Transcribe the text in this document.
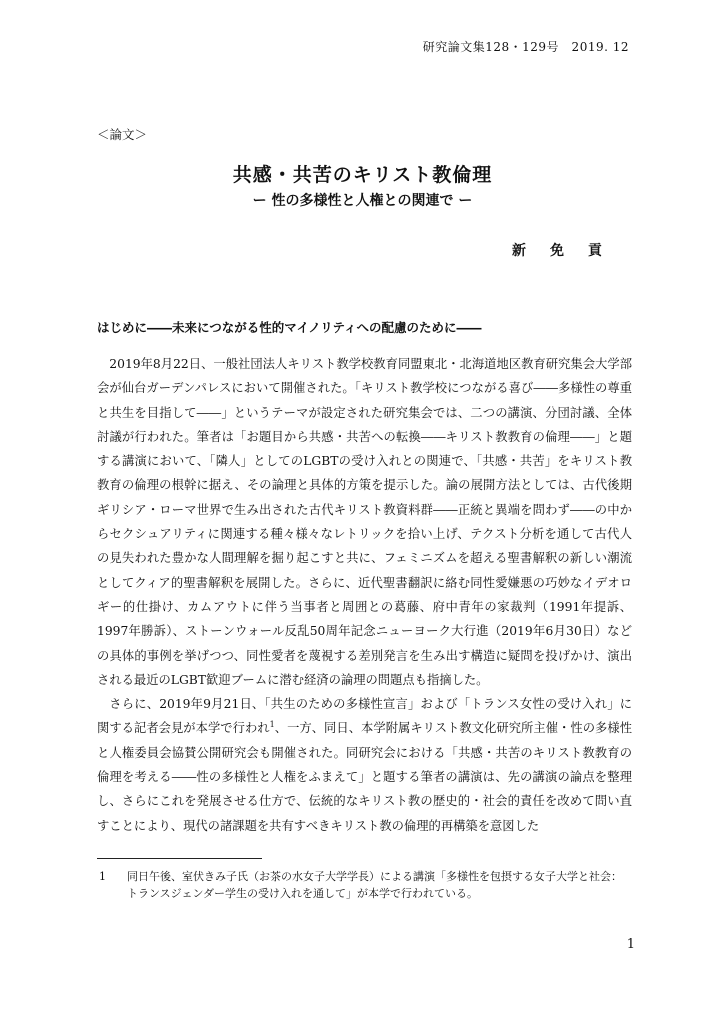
研究論文集128・129号　2019. 12
＜論文＞
共感・共苦のキリスト教倫理
ー 性の多様性と人権との関連で ー
新免貢
はじめに――未来につながる性的マイノリティへの配慮のために――

2019年8月22日、一般社団法人キリスト教学校教育同盟東北・北海道地区教育研究集会大学部会が仙台ガーデンパレスにおいて開催された。「キリスト教学校につながる喜び――多様性の尊重と共生を目指して――」というテーマが設定された研究集会では、二つの講演、分団討議、全体討議が行われた。筆者は「お題目から共感・共苦への転換――キリスト教教育の倫理――」と題する講演において、「隣人」としてのLGBTの受け入れとの関連で、「共感・共苦」をキリスト教教育の倫理の根幹に据え、その論理と具体的方策を提示した。論の展開方法としては、古代後期ギリシア・ローマ世界で生み出された古代キリスト教資料群――正統と異端を問わず――の中からセクシュアリティに関連する種々様々なレトリックを拾い上げ、テクスト分析を通して古代人の見失われた豊かな人間理解を掘り起こすと共に、フェミニズムを超える聖書解釈の新しい潮流としてクィア的聖書解釈を展開した。さらに、近代聖書翻訳に絡む同性愛嫌悪の巧妙なイデオロギー的仕掛け、カムアウトに伴う当事者と周囲との葛藤、府中青年の家裁判（1991年提訴、1997年勝訴）、ストーンウォール反乱50周年記念ニューヨーク大行進（2019年6月30日）などの具体的事例を挙げつつ、同性愛者を蔑視する差別発言を生み出す構造に疑問を投げかけ、演出される最近のLGBT歓迎ブームに潜む経済の論理の問題点も指摘した。

さらに、2019年9月21日、「共生のための多様性宣言」および「トランス女性の受け入れ」に関する記者会見が本学で行われ$^1$、一方、同日、本学附属キリスト教文化研究所主催・性の多様性と人権委員会協賛公開研究会も開催された。同研究会における「共感・共苦のキリスト教教育の倫理を考える――性の多様性と人権をふまえて」と題する筆者の講演は、先の講演の論点を整理し、さらにこれを発展させる仕方で、伝統的なキリスト教の歴史的・社会的責任を改めて問い直すことにより、現代の諸課題を共有すべきキリスト教の倫理的再構築を意図した

1	同日午後、室伏きみ子氏（お茶の水女子大学学長）による講演「多様性を包摂する女子大学と社会：トランスジェンダー学生の受け入れを通して」が本学で行われている。
1
